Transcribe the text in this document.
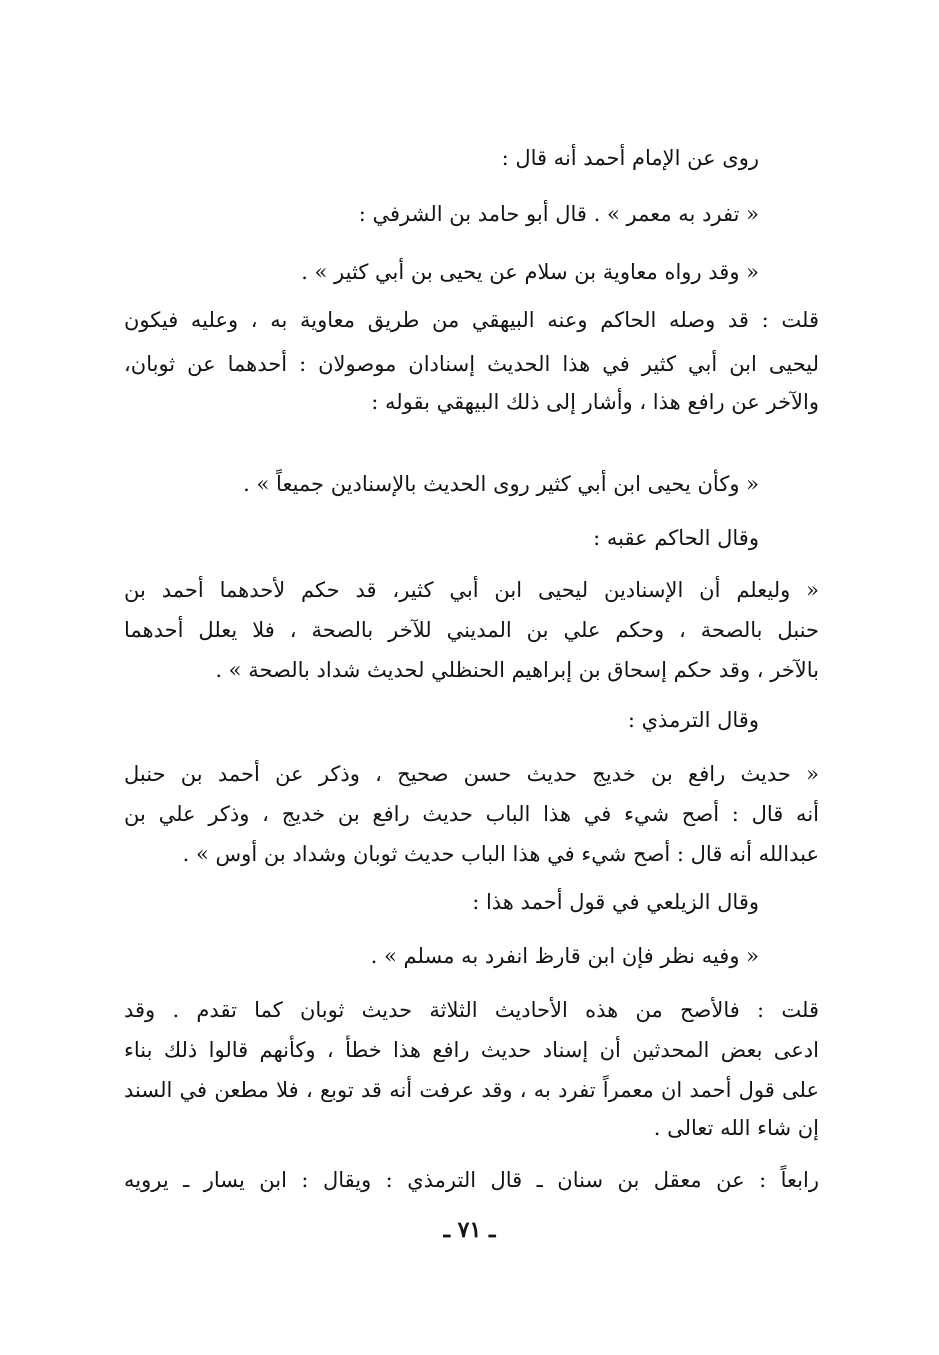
روى عن الإمام أحمد أنه قال :
« تفرد به معمر » . قال أبو حامد بن الشرفي :
« وقد رواه معاوية بن سلام عن يحيى بن أبي كثير » .
قلت : قد وصله الحاكم وعنه البيهقي من طريق معاوية به ، وعليه فيكون
ليحيى ابن أبي كثير في هذا الحديث إسنادان موصولان : أحدهما عن ثوبان،
والآخر عن رافع هذا ، وأشار إلى ذلك البيهقي بقوله :
« وكأن يحيى ابن أبي كثير روى الحديث بالإسنادين جميعاً » .
وقال الحاكم عقبه :
« وليعلم أن الإسنادين ليحيى ابن أبي كثير، قد حكم لأحدهما أحمد بن
حنبل بالصحة ، وحكم علي بن المديني للآخر بالصحة ، فلا يعلل أحدهما
بالآخر ، وقد حكم إسحاق بن إبراهيم الحنظلي لحديث شداد بالصحة » .
وقال الترمذي :
« حديث رافع بن خديج حديث حسن صحيح ، وذكر عن أحمد بن حنبل
أنه قال : أصح شيء في هذا الباب حديث رافع بن خديج ، وذكر علي بن
عبدالله أنه قال : أصح شيء في هذا الباب حديث ثوبان وشداد بن أوس » .
وقال الزيلعي في قول أحمد هذا :
« وفيه نظر فإن ابن قارظ انفرد به مسلم » .
قلت : فالأصح من هذه الأحاديث الثلاثة حديث ثوبان كما تقدم . وقد
ادعى بعض المحدثين أن إسناد حديث رافع هذا خطأ ، وكأنهم قالوا ذلك بناء
على قول أحمد ان معمراً تفرد به ، وقد عرفت أنه قد توبع ، فلا مطعن في السند
إن شاء الله تعالى .
رابعاً : عن معقل بن سنان ـ قال الترمذي : ويقال : ابن يسار ـ يرويه
ـ ٧١ ـ
